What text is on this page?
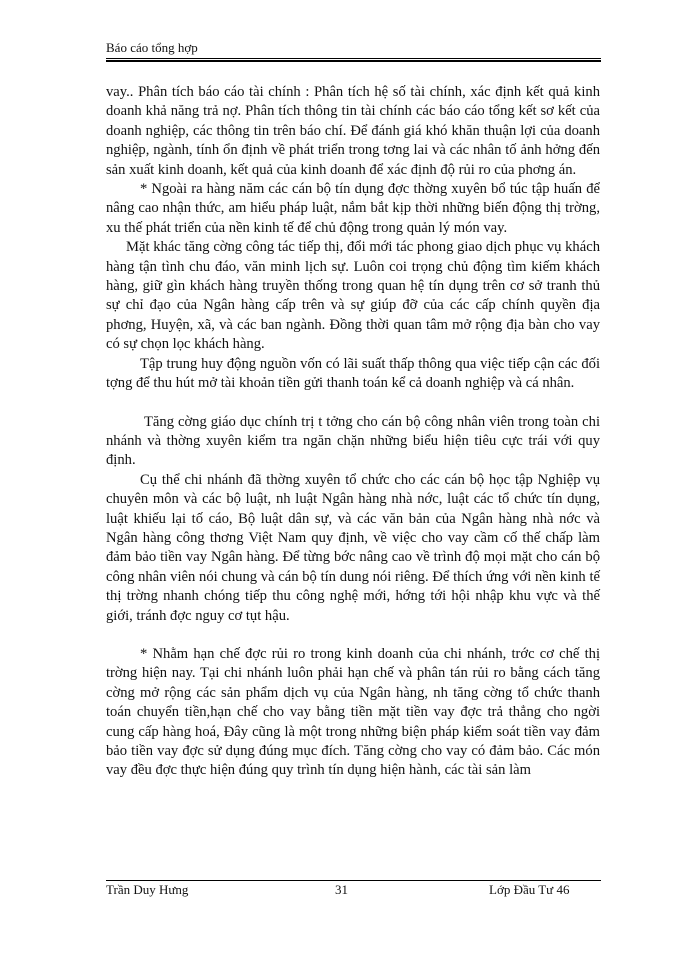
Báo cáo tổng hợp

vay.. Phân tích báo cáo tài chính : Phân tích hệ số tài chính, xác định kết quả kinh doanh khả năng trả nợ. Phân tích thông tin tài chính các báo cáo tổng kết sơ kết của doanh nghiệp, các thông tin trên báo chí. Để đánh giá khó khăn thuận lợi của doanh nghiệp, ngành, tính ổn định về phát triển trong tơng lai và các nhân tố ảnh hởng đến sản xuất kinh doanh, kết quả của kinh doanh để xác định độ rủi ro của phơng án.

* Ngoài ra hàng năm các cán bộ tín dụng đợc thờng xuyên bổ túc tập huấn để nâng cao nhận thức, am hiểu pháp luật, nắm bắt kịp thời những biến động thị trờng, xu thế phát triển của nền kinh tế để chủ động trong quản lý món vay.

Mặt khác tăng cờng công tác tiếp thị, đổi mới tác phong giao dịch phục vụ khách hàng tận tình chu đáo, văn minh lịch sự. Luôn coi trọng chủ động tìm kiếm khách hàng, giữ gìn khách hàng truyền thống trong quan hệ tín dụng trên cơ sở tranh thủ sự chỉ đạo của Ngân hàng cấp trên và sự giúp đỡ của các cấp chính quyền địa phơng, Huyện, xã, và các ban ngành. Đồng thời quan tâm mở rộng địa bàn cho vay có sự chọn lọc khách hàng.

Tập trung huy động nguồn vốn có lãi suất thấp thông qua việc tiếp cận các đối tợng để thu hút mở tài khoản tiền gửi thanh toán kể cả doanh nghiệp và cá nhân.

Tăng cờng giáo dục chính trị t tởng cho cán bộ công nhân viên trong toàn chi nhánh và thờng xuyên kiểm tra ngăn chặn những biểu hiện tiêu cực trái với quy định.

Cụ thể chi nhánh đã thờng xuyên tổ chức cho các cán bộ học tập Nghiệp vụ chuyên môn và các bộ luật, nh luật Ngân hàng nhà nớc, luật các tổ chức tín dụng, luật khiếu lại tố cáo, Bộ luật dân sự, và các văn bản của Ngân hàng nhà nớc và Ngân hàng công thơng Việt Nam quy định, về việc cho vay cầm cố thế chấp làm đảm bảo tiền vay Ngân hàng. Để từng bớc nâng cao về trình độ mọi mặt cho cán bộ công nhân viên nói chung và cán bộ tín dung nói riêng. Để thích ứng với nền kinh tế thị trờng nhanh chóng tiếp thu công nghệ mới, hớng tới hội nhập khu vực và thế giới, tránh đợc nguy cơ tụt hậu.

* Nhằm hạn chế đợc rủi ro trong kinh doanh của chi nhánh, trớc cơ chế thị trờng hiện nay. Tại chi nhánh luôn phải hạn chế và phân tán rủi ro bằng cách tăng cờng mở rộng các sản phẩm dịch vụ của Ngân hàng, nh tăng cờng tổ chức thanh toán chuyển tiền,hạn chế cho vay bằng tiền mặt tiền vay đợc trả thẳng cho ngời cung cấp hàng hoá, Đây cũng là một trong những biện pháp kiểm soát tiền vay đảm bảo tiền vay đợc sử dụng đúng mục đích. Tăng cờng cho vay có đảm bảo. Các món vay đều đợc thực hiện đúng quy trình tín dụng hiện hành, các tài sản làm

Trần Duy Hưng	31	Lớp Đầu Tư 46
